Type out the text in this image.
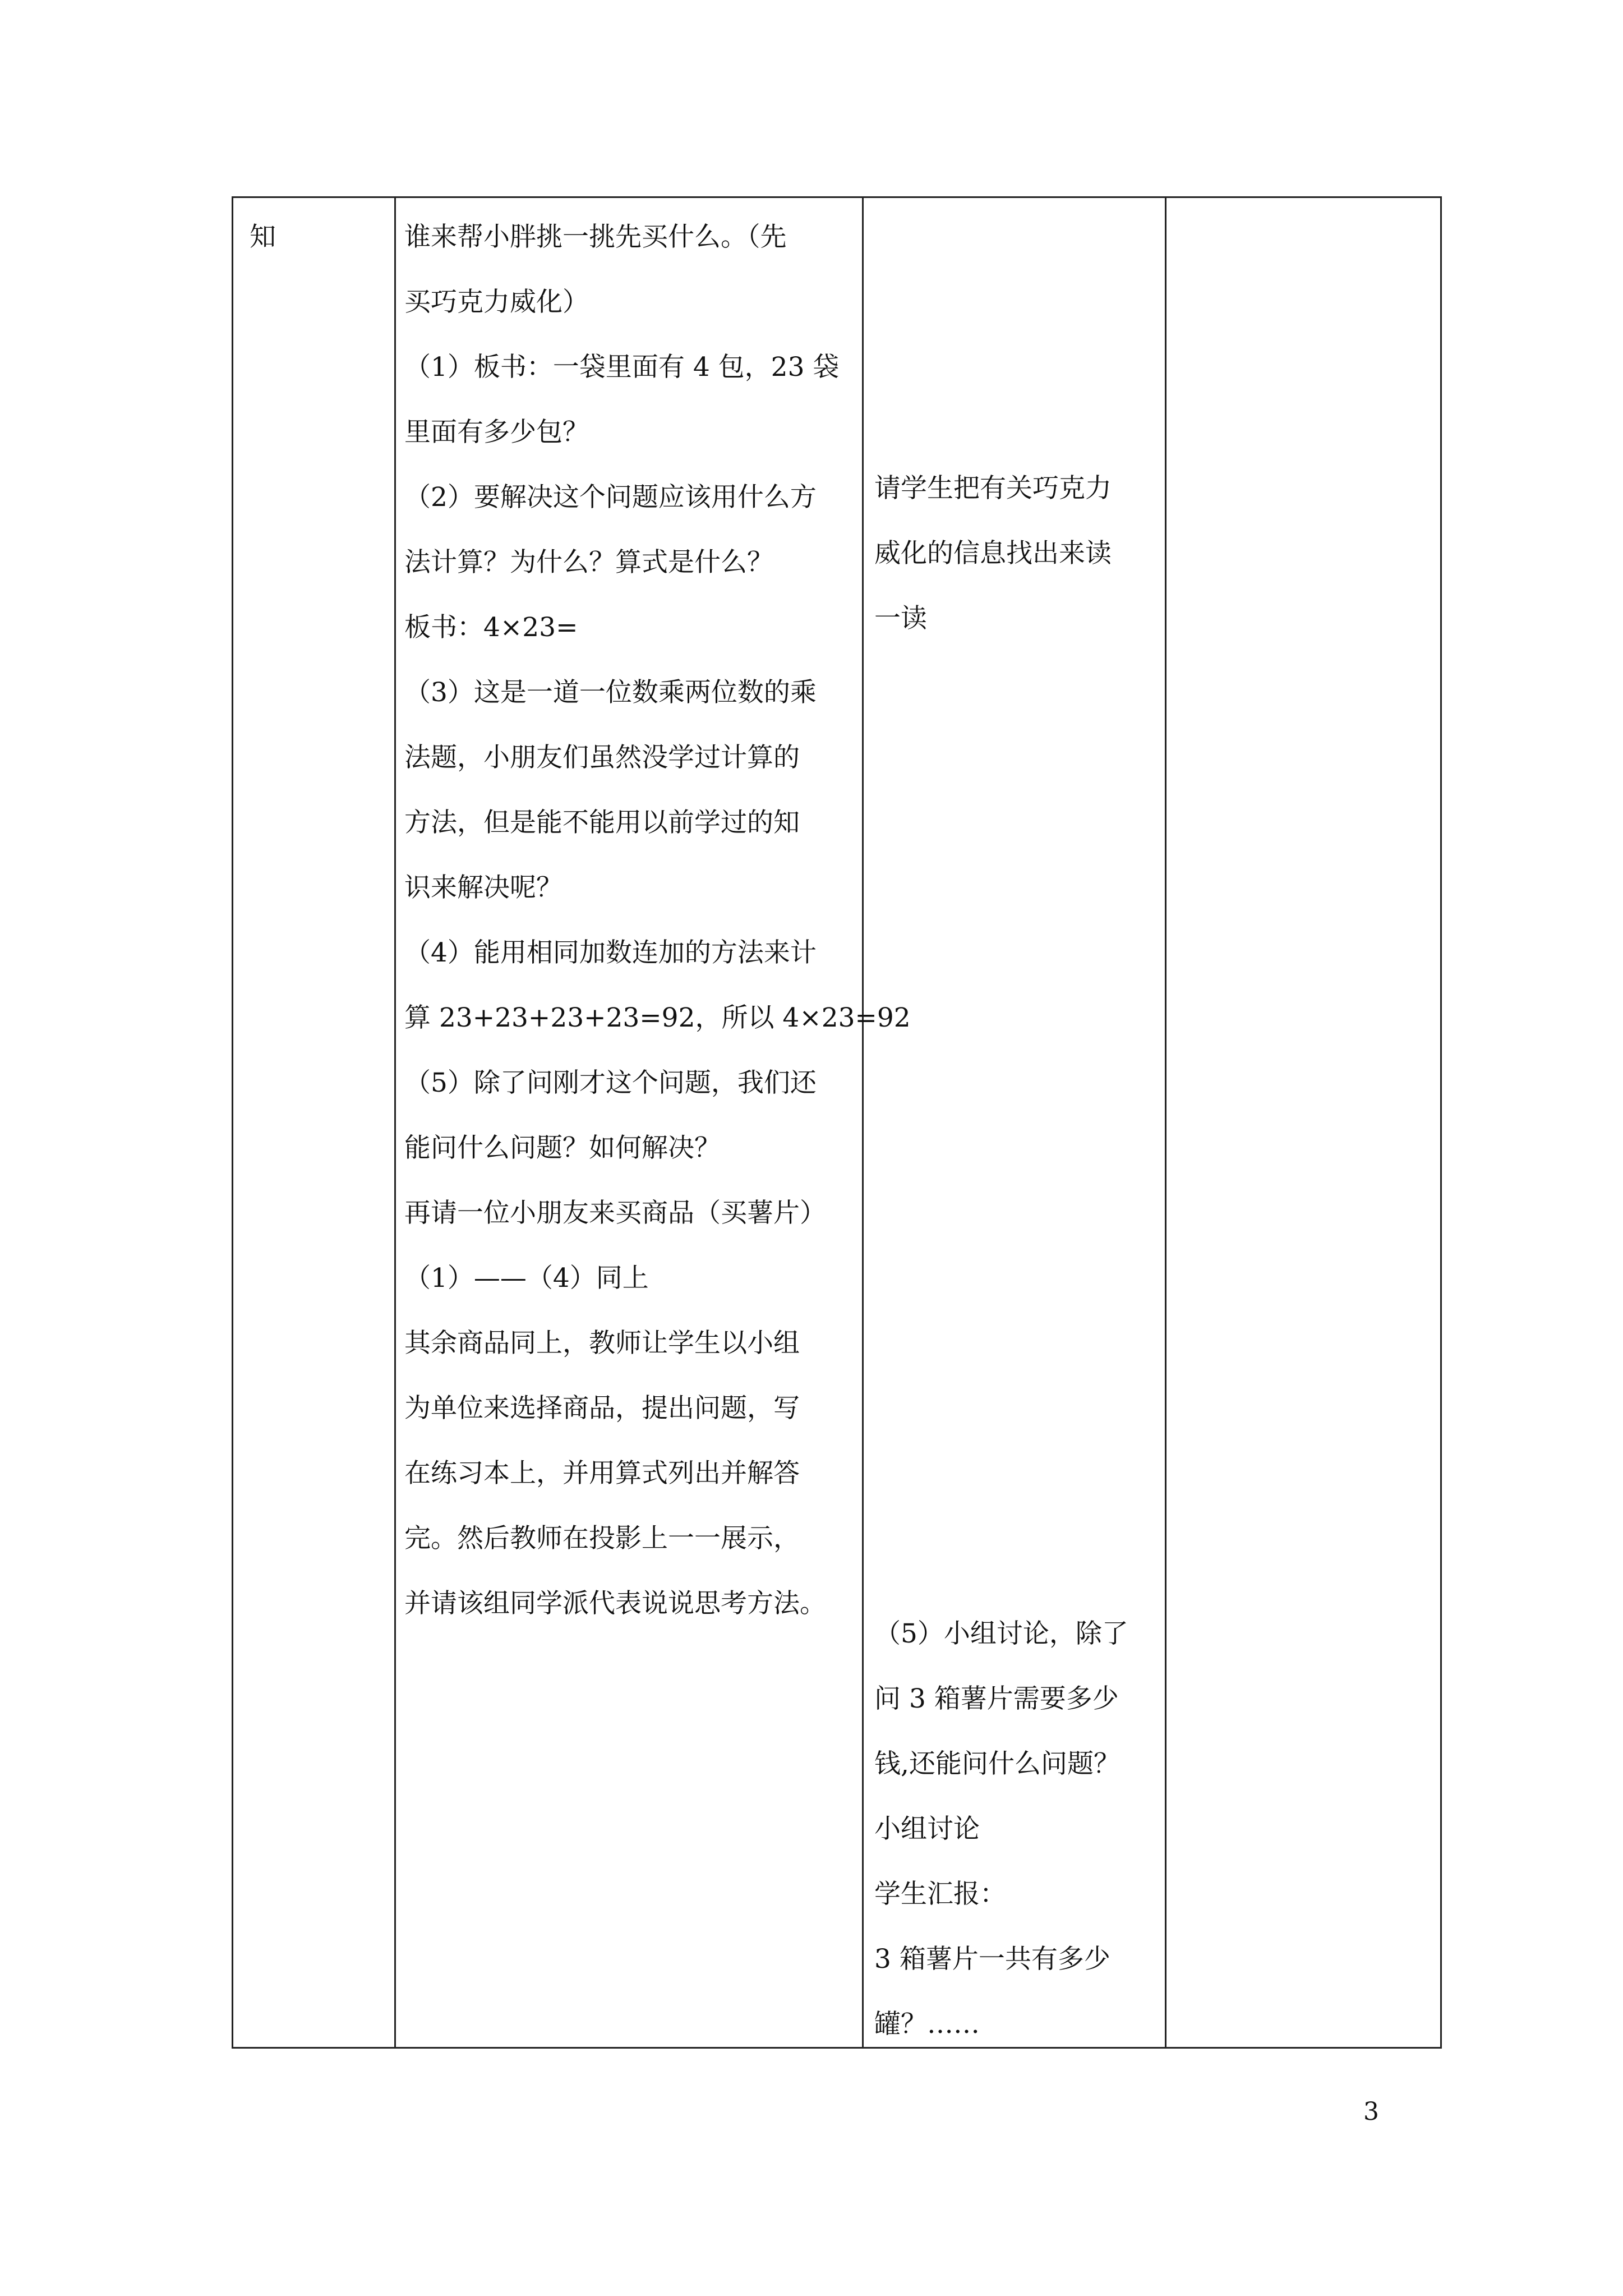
知	谁来帮小胖挑一挑先买什么。（先
买巧克力威化）
（1）板书：一袋里面有 4 包，23 袋
里面有多少包？
（2）要解决这个问题应该用什么方
法计算？为什么？算式是什么？
板书：4×23=
（3）这是一道一位数乘两位数的乘
法题，小朋友们虽然没学过计算的
方法，但是能不能用以前学过的知
识来解决呢？
（4）能用相同加数连加的方法来计
算 23+23+23+23=92，所以 4×23=92
（5）除了问刚才这个问题，我们还
能问什么问题？如何解决？
再请一位小朋友来买商品（买薯片）
（1）——（4）同上
其余商品同上，教师让学生以小组
为单位来选择商品，提出问题，写
在练习本上，并用算式列出并解答
完。然后教师在投影上一一展示，
并请该组同学派代表说说思考方法。
请学生把有关巧克力
威化的信息找出来读
一读
（5）小组讨论，除了
问 3 箱薯片需要多少
钱,还能问什么问题？
小组讨论
学生汇报：
3 箱薯片一共有多少
罐？……
3
